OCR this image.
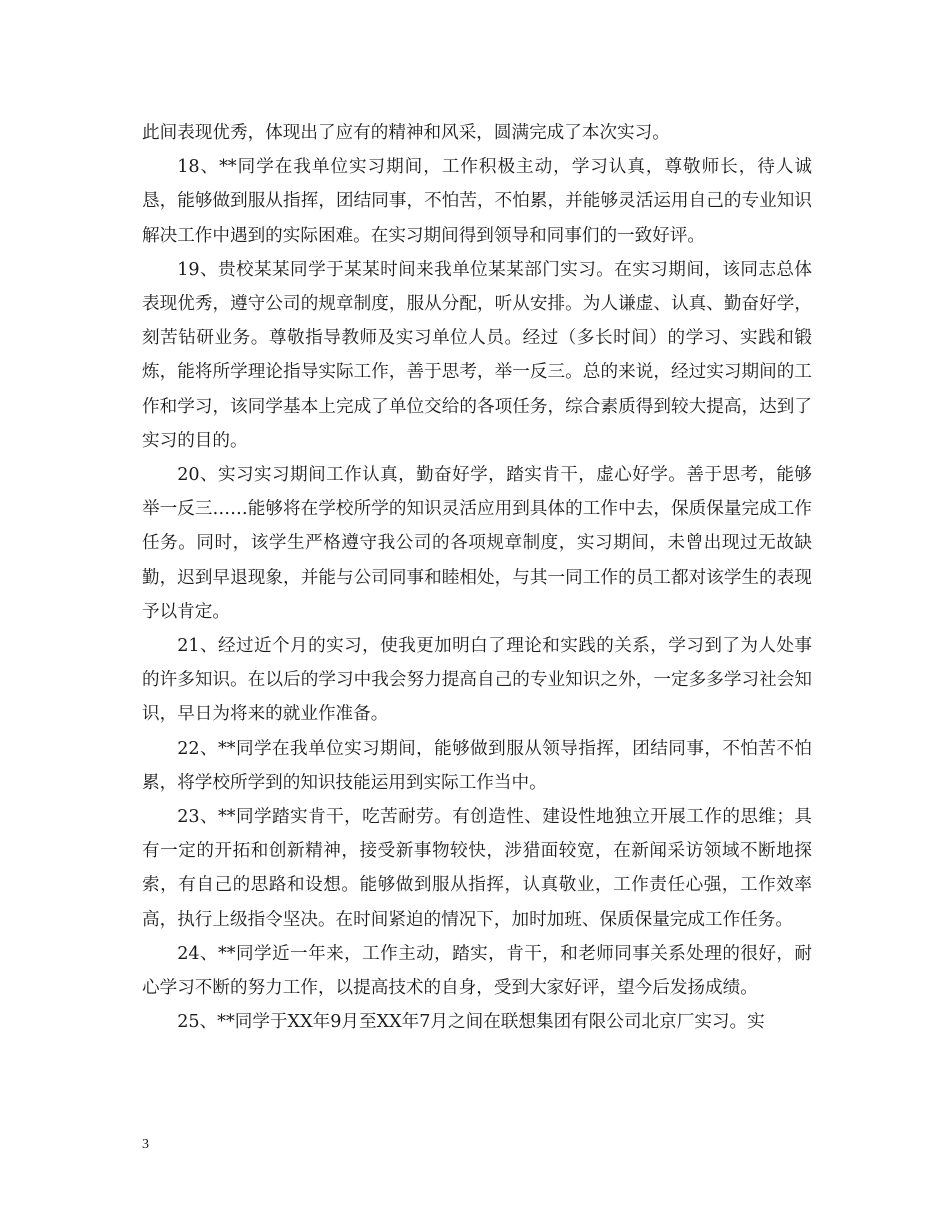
此间表现优秀，体现出了应有的精神和风采，圆满完成了本次实习。

18、**同学在我单位实习期间，工作积极主动，学习认真，尊敬师长，待人诚恳，能够做到服从指挥，团结同事，不怕苦，不怕累，并能够灵活运用自己的专业知识解决工作中遇到的实际困难。在实习期间得到领导和同事们的一致好评。

19、贵校某某同学于某某时间来我单位某某部门实习。在实习期间，该同志总体表现优秀，遵守公司的规章制度，服从分配，听从安排。为人谦虚、认真、勤奋好学，刻苦钻研业务。尊敬指导教师及实习单位人员。经过（多长时间）的学习、实践和锻炼，能将所学理论指导实际工作，善于思考，举一反三。总的来说，经过实习期间的工作和学习，该同学基本上完成了单位交给的各项任务，综合素质得到较大提高，达到了实习的目的。

20、实习实习期间工作认真，勤奋好学，踏实肯干，虚心好学。善于思考，能够举一反三……能够将在学校所学的知识灵活应用到具体的工作中去，保质保量完成工作任务。同时，该学生严格遵守我公司的各项规章制度，实习期间，未曾出现过无故缺勤，迟到早退现象，并能与公司同事和睦相处，与其一同工作的员工都对该学生的表现予以肯定。

21、经过近个月的实习，使我更加明白了理论和实践的关系，学习到了为人处事的许多知识。在以后的学习中我会努力提高自己的专业知识之外，一定多多学习社会知识，早日为将来的就业作准备。

22、**同学在我单位实习期间，能够做到服从领导指挥，团结同事，不怕苦不怕累，将学校所学到的知识技能运用到实际工作当中。

23、**同学踏实肯干，吃苦耐劳。有创造性、建设性地独立开展工作的思维；具有一定的开拓和创新精神，接受新事物较快，涉猎面较宽，在新闻采访领域不断地探索，有自己的思路和设想。能够做到服从指挥，认真敬业，工作责任心强，工作效率高，执行上级指令坚决。在时间紧迫的情况下，加时加班、保质保量完成工作任务。

24、**同学近一年来，工作主动，踏实，肯干，和老师同事关系处理的很好，耐心学习不断的努力工作，以提高技术的自身，受到大家好评，望今后发扬成绩。

25、**同学于XX年9月至XX年7月之间在联想集团有限公司北京厂实习。实

3
